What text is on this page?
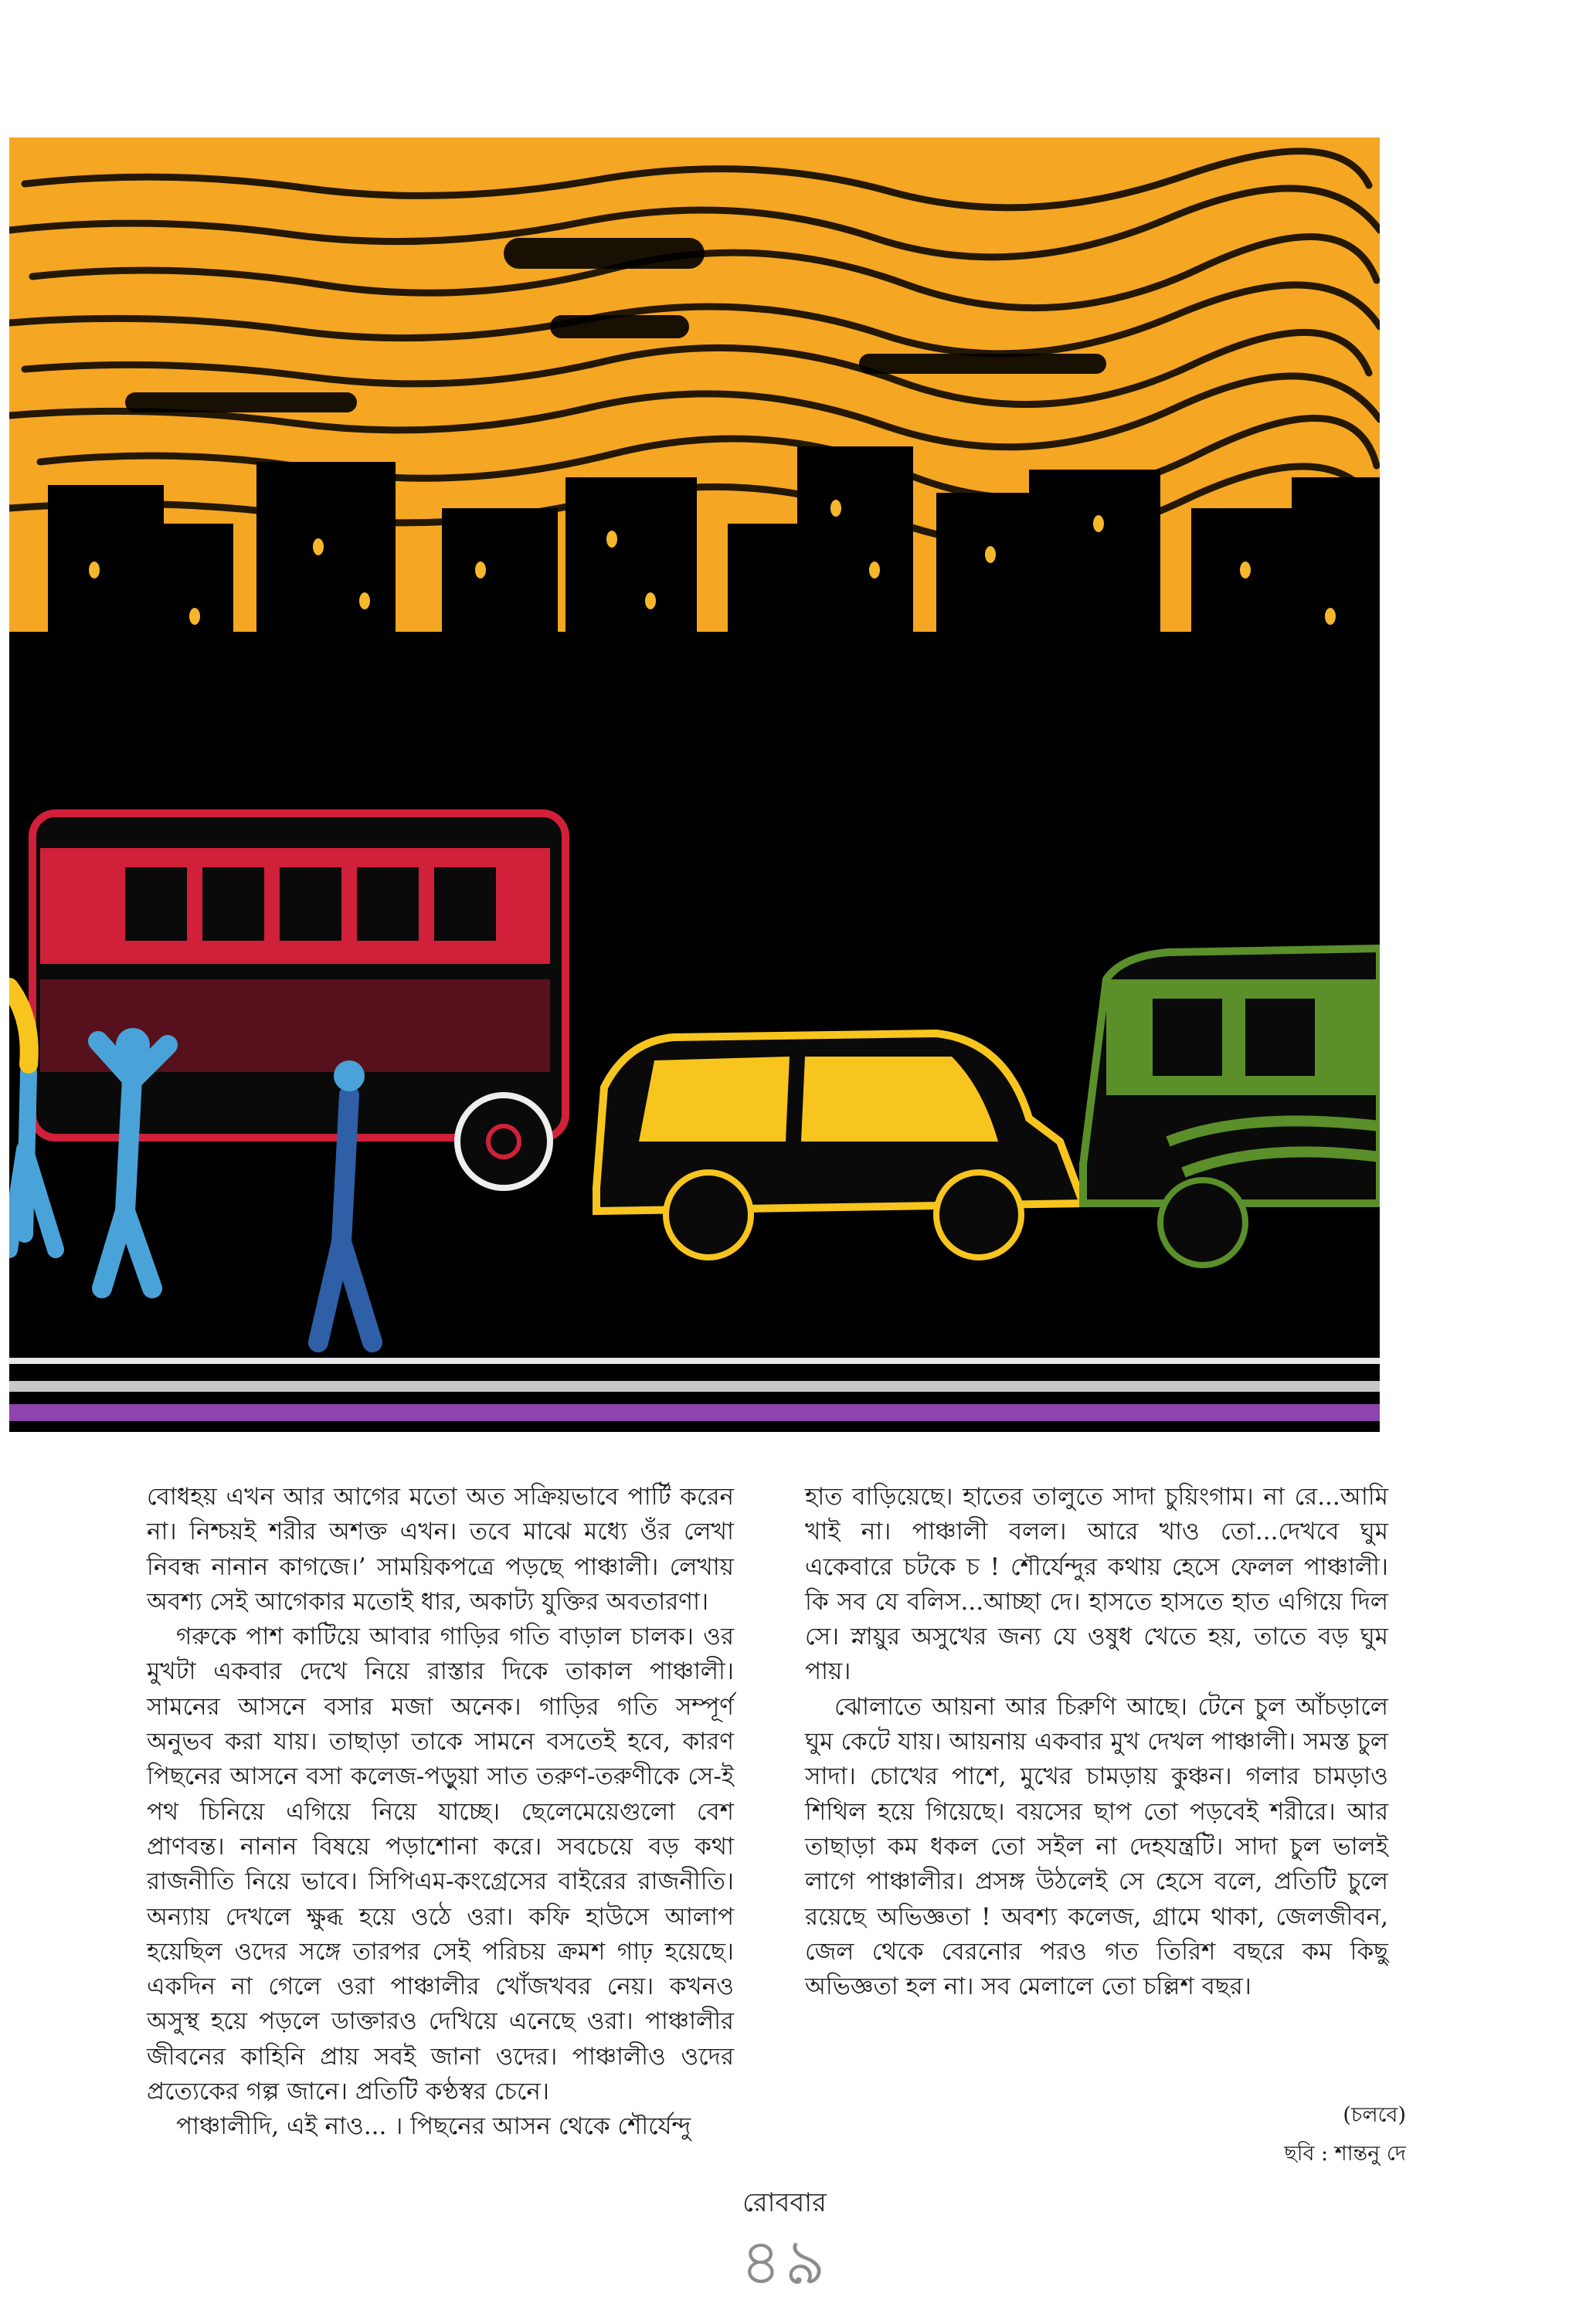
বোধহয় এখন আর আগের মতো অত সক্রিয়ভাবে পার্টি করেন না। নিশ্চয়ই শরীর অশক্ত এখন। তবে মাঝে মধ্যে ওঁর লেখা নিবন্ধ নানান কাগজে।’ সাময়িকপত্রে পড়ছে পাঞ্চালী। লেখায় অবশ্য সেই আগেকার মতোই ধার, অকাট্য যুক্তির অবতারণা।

গরুকে পাশ কাটিয়ে আবার গাড়ির গতি বাড়াল চালক। ওর মুখটা একবার দেখে নিয়ে রাস্তার দিকে তাকাল পাঞ্চালী। সামনের আসনে বসার মজা অনেক। গাড়ির গতি সম্পূর্ণ অনুভব করা যায়। তাছাড়া তাকে সামনে বসতেই হবে, কারণ পিছনের আসনে বসা কলেজ-পড়ুয়া সাত তরুণ-তরুণীকে সে-ই পথ চিনিয়ে এগিয়ে নিয়ে যাচ্ছে। ছেলেমেয়েগুলো বেশ প্রাণবন্ত। নানান বিষয়ে পড়াশোনা করে। সবচেয়ে বড় কথা রাজনীতি নিয়ে ভাবে। সিপিএম-কংগ্রেসের বাইরের রাজনীতি। অন্যায় দেখলে ক্ষুব্ধ হয়ে ওঠে ওরা। কফি হাউসে আলাপ হয়েছিল ওদের সঙ্গে তারপর সেই পরিচয় ক্রমশ গাঢ় হয়েছে। একদিন না গেলে ওরা পাঞ্চালীর খোঁজখবর নেয়। কখনও অসুস্থ হয়ে পড়লে ডাক্তারও দেখিয়ে এনেছে ওরা। পাঞ্চালীর জীবনের কাহিনি প্রায় সবই জানা ওদের। পাঞ্চালীও ওদের প্রত্যেকের গল্প জানে। প্রতিটি কণ্ঠস্বর চেনে।

পাঞ্চালীদি, এই নাও... । পিছনের আসন থেকে শৌর্যেন্দু

হাত বাড়িয়েছে। হাতের তালুতে সাদা চুয়িংগাম। না রে...আমি খাই না। পাঞ্চালী বলল। আরে খাও তো...দেখবে ঘুম একেবারে চটকে চ ! শৌর্যেন্দুর কথায় হেসে ফেলল পাঞ্চালী। কি সব যে বলিস...আচ্ছা দে। হাসতে হাসতে হাত এগিয়ে দিল সে। স্নায়ুর অসুখের জন্য যে ওষুধ খেতে হয়, তাতে বড় ঘুম পায়।

ঝোলাতে আয়না আর চিরুণি আছে। টেনে চুল আঁচড়ালে ঘুম কেটে যায়। আয়নায় একবার মুখ দেখল পাঞ্চালী। সমস্ত চুল সাদা। চোখের পাশে, মুখের চামড়ায় কুঞ্চন। গলার চামড়াও শিথিল হয়ে গিয়েছে। বয়সের ছাপ তো পড়বেই শরীরে। আর তাছাড়া কম ধকল তো সইল না দেহযন্ত্রটি। সাদা চুল ভালই লাগে পাঞ্চালীর। প্রসঙ্গ উঠলেই সে হেসে বলে, প্রতিটি চুলে রয়েছে অভিজ্ঞতা ! অবশ্য কলেজ, গ্রামে থাকা, জেলজীবন, জেল থেকে বেরনোর পরও গত তিরিশ বছরে কম কিছু অভিজ্ঞতা হল না। সব মেলালে তো চল্লিশ বছর।

(চলবে)
ছবি : শান্তনু দে
রোববার
৪৯
